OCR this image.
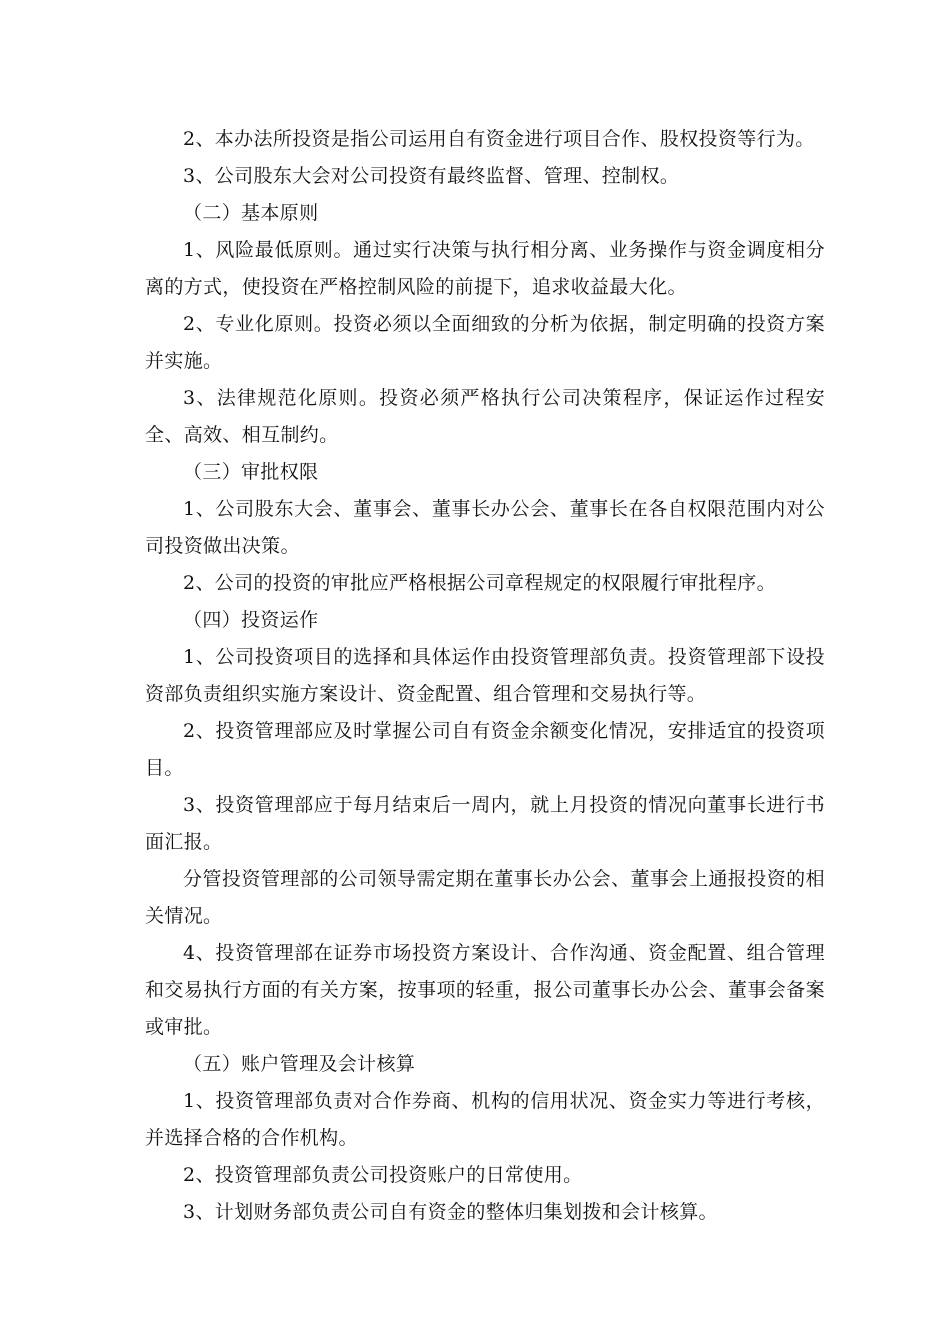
2、本办法所投资是指公司运用自有资金进行项目合作、股权投资等行为。

3、公司股东大会对公司投资有最终监督、管理、控制权。

（二）基本原则

1、风险最低原则。通过实行决策与执行相分离、业务操作与资金调度相分离的方式，使投资在严格控制风险的前提下，追求收益最大化。

2、专业化原则。投资必须以全面细致的分析为依据，制定明确的投资方案并实施。

3、法律规范化原则。投资必须严格执行公司决策程序，保证运作过程安全、高效、相互制约。

（三）审批权限

1、公司股东大会、董事会、董事长办公会、董事长在各自权限范围内对公司投资做出决策。

2、公司的投资的审批应严格根据公司章程规定的权限履行审批程序。

（四）投资运作

1、公司投资项目的选择和具体运作由投资管理部负责。投资管理部下设投资部负责组织实施方案设计、资金配置、组合管理和交易执行等。

2、投资管理部应及时掌握公司自有资金余额变化情况，安排适宜的投资项目。

3、投资管理部应于每月结束后一周内，就上月投资的情况向董事长进行书面汇报。

分管投资管理部的公司领导需定期在董事长办公会、董事会上通报投资的相关情况。

4、投资管理部在证券市场投资方案设计、合作沟通、资金配置、组合管理和交易执行方面的有关方案，按事项的轻重，报公司董事长办公会、董事会备案或审批。

（五）账户管理及会计核算

1、投资管理部负责对合作券商、机构的信用状况、资金实力等进行考核，并选择合格的合作机构。

2、投资管理部负责公司投资账户的日常使用。

3、计划财务部负责公司自有资金的整体归集划拨和会计核算。
